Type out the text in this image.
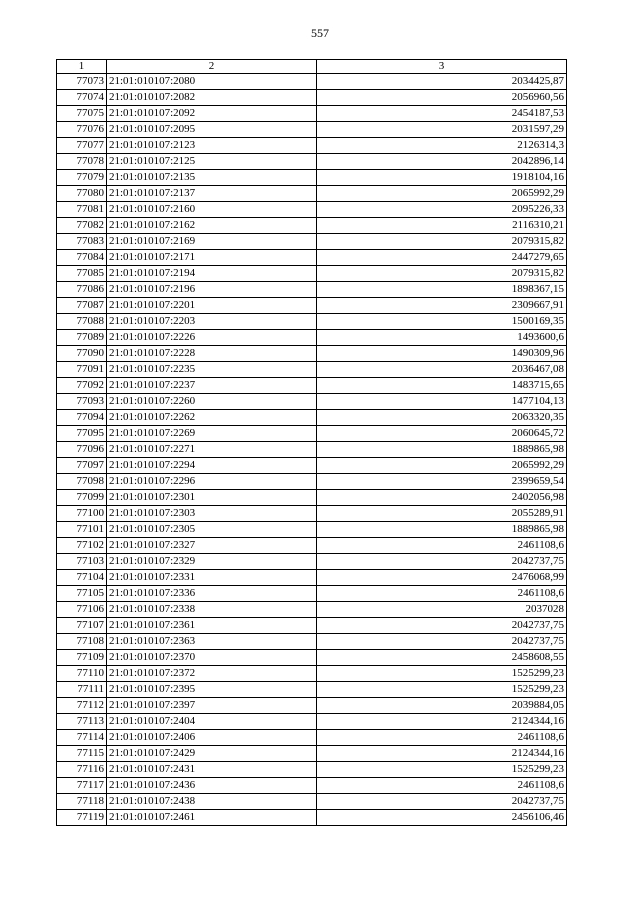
557
1	2	3
77073	21:01:010107:2080	2034425,87
77074	21:01:010107:2082	2056960,56
77075	21:01:010107:2092	2454187,53
77076	21:01:010107:2095	2031597,29
77077	21:01:010107:2123	2126314,3
77078	21:01:010107:2125	2042896,14
77079	21:01:010107:2135	1918104,16
77080	21:01:010107:2137	2065992,29
77081	21:01:010107:2160	2095226,33
77082	21:01:010107:2162	2116310,21
77083	21:01:010107:2169	2079315,82
77084	21:01:010107:2171	2447279,65
77085	21:01:010107:2194	2079315,82
77086	21:01:010107:2196	1898367,15
77087	21:01:010107:2201	2309667,91
77088	21:01:010107:2203	1500169,35
77089	21:01:010107:2226	1493600,6
77090	21:01:010107:2228	1490309,96
77091	21:01:010107:2235	2036467,08
77092	21:01:010107:2237	1483715,65
77093	21:01:010107:2260	1477104,13
77094	21:01:010107:2262	2063320,35
77095	21:01:010107:2269	2060645,72
77096	21:01:010107:2271	1889865,98
77097	21:01:010107:2294	2065992,29
77098	21:01:010107:2296	2399659,54
77099	21:01:010107:2301	2402056,98
77100	21:01:010107:2303	2055289,91
77101	21:01:010107:2305	1889865,98
77102	21:01:010107:2327	2461108,6
77103	21:01:010107:2329	2042737,75
77104	21:01:010107:2331	2476068,99
77105	21:01:010107:2336	2461108,6
77106	21:01:010107:2338	2037028
77107	21:01:010107:2361	2042737,75
77108	21:01:010107:2363	2042737,75
77109	21:01:010107:2370	2458608,55
77110	21:01:010107:2372	1525299,23
77111	21:01:010107:2395	1525299,23
77112	21:01:010107:2397	2039884,05
77113	21:01:010107:2404	2124344,16
77114	21:01:010107:2406	2461108,6
77115	21:01:010107:2429	2124344,16
77116	21:01:010107:2431	1525299,23
77117	21:01:010107:2436	2461108,6
77118	21:01:010107:2438	2042737,75
77119	21:01:010107:2461	2456106,46
